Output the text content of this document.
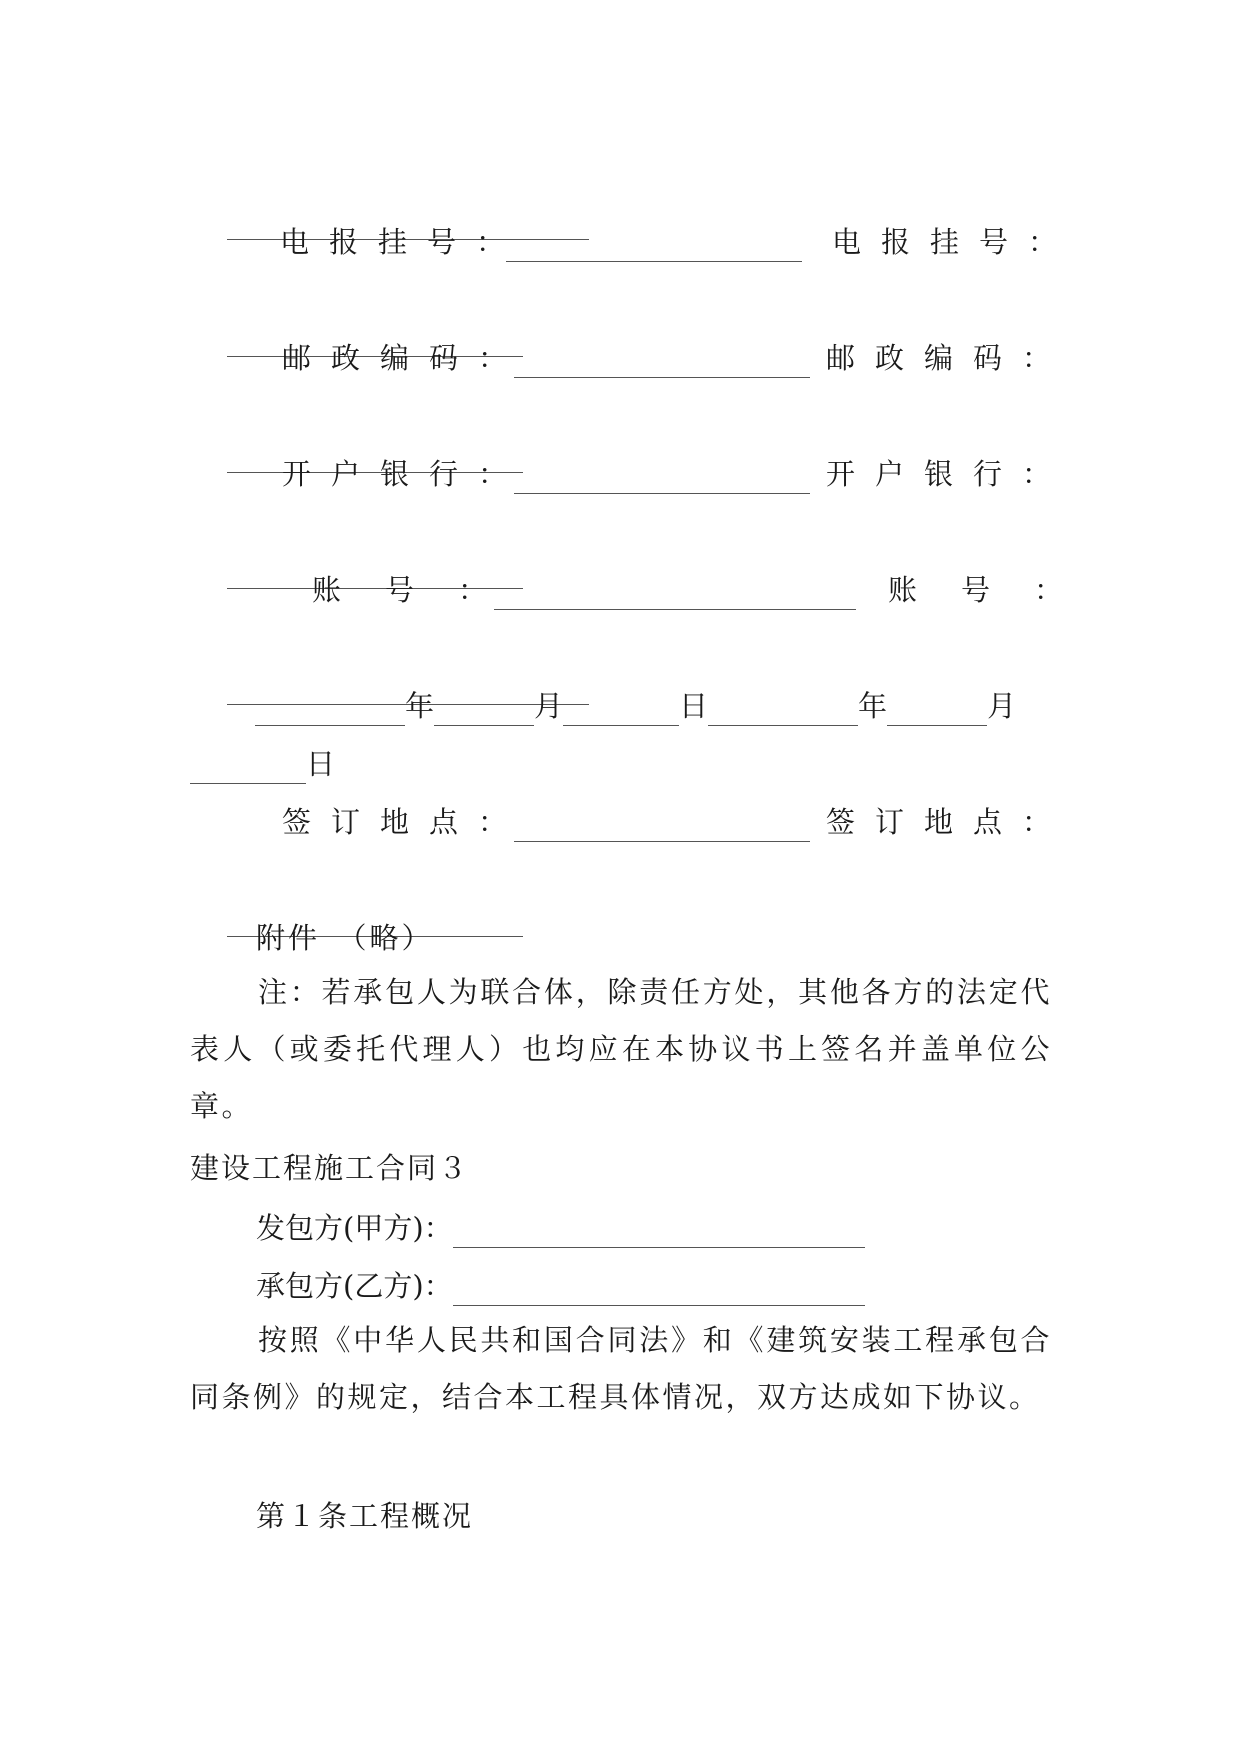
电报挂号：	电报挂号：

邮政编码：	邮政编码：

开户银行：	开户银行：

账号：	账号：

年	月	日	年	月
日
签订地点：	签订地点：

附件　（略）

注：若承包人为联合体，除责任方处，其他各方的法定代表人（或委托代理人）也均应在本协议书上签名并盖单位公章。

建设工程施工合同３
发包方(甲方)：
承包方(乙方)：

按照《中华人民共和国合同法》和《建筑安装工程承包合同条例》的规定，结合本工程具体情况，双方达成如下协议。

第１条工程概况
